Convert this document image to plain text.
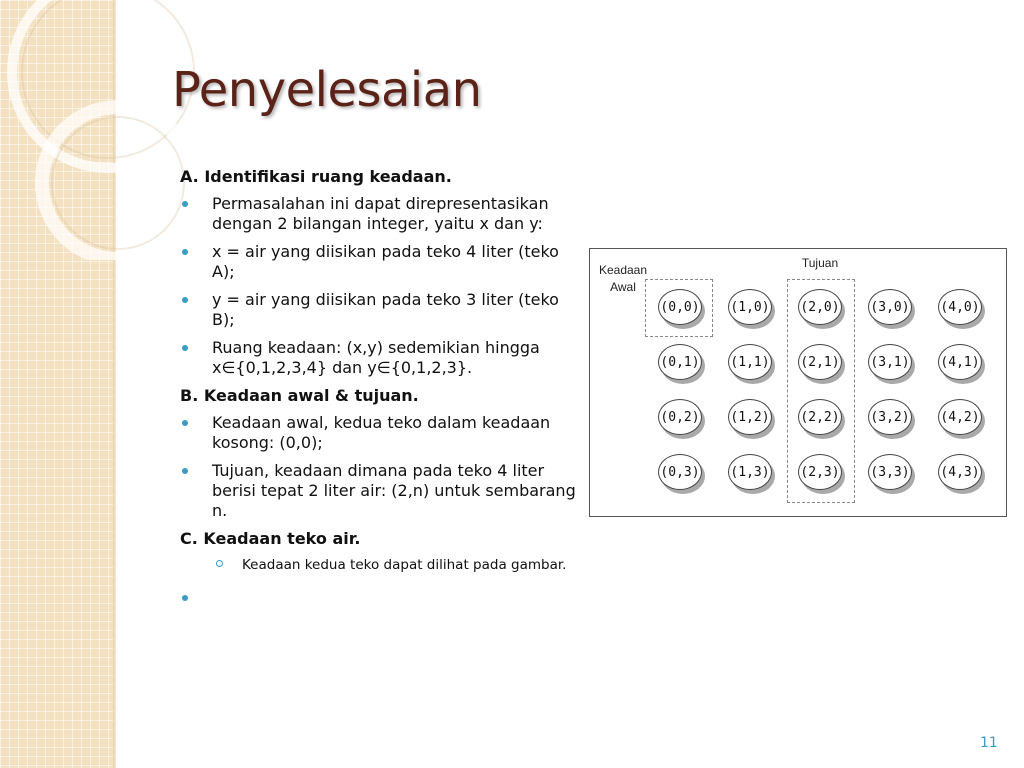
Penyelesaian
A. Identifikasi ruang keadaan.
Permasalahan ini dapat direpresentasikan dengan 2 bilangan integer, yaitu x dan y:
x = air yang diisikan pada teko 4 liter (teko A);
y = air yang diisikan pada teko 3 liter (teko B);
Ruang keadaan: (x,y) sedemikian hingga x∈{0,1,2,3,4} dan y∈{0,1,2,3}.
B. Keadaan awal & tujuan.
Keadaan awal, kedua teko dalam keadaan kosong: (0,0);
Tujuan, keadaan dimana pada teko 4 liter berisi tepat 2 liter air: (2,n) untuk sembarang n.
C. Keadaan teko air.
Keadaan kedua teko dapat dilihat pada gambar.
Keadaan
Awal
Tujuan
(0,0) (1,0) (2,0) (3,0) (4,0)
(0,1) (1,1) (2,1) (3,1) (4,1)
(0,2) (1,2) (2,2) (3,2) (4,2)
(0,3) (1,3) (2,3) (3,3) (4,3)
11
